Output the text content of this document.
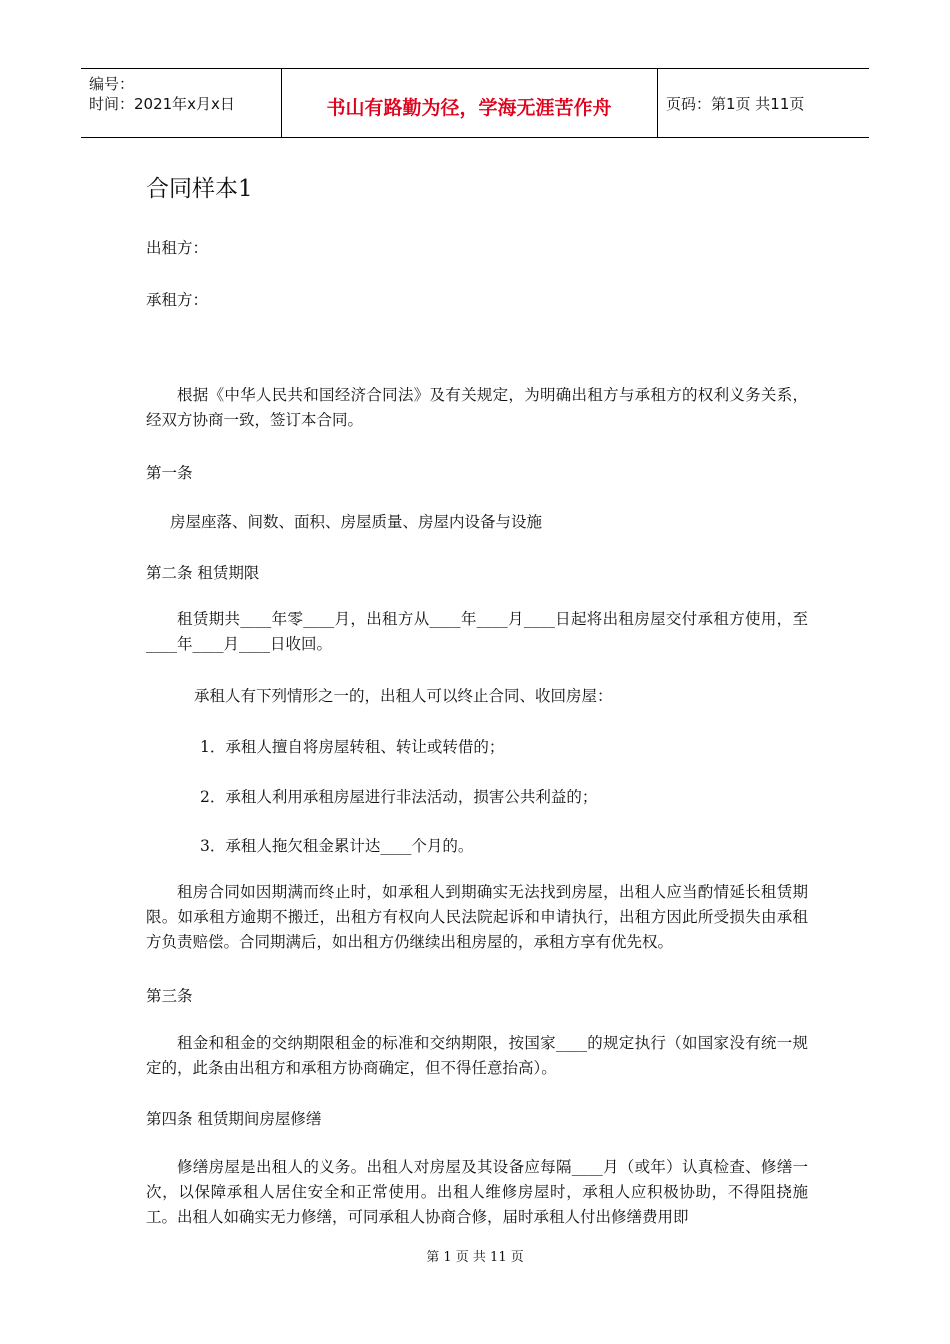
编号：
时间：2021年x月x日	书山有路勤为径，学海无涯苦作舟	页码：第1页 共11页
合同样本1
出租方：
承租方：
根据《中华人民共和国经济合同法》及有关规定，为明确出租方与承租方的权利义务关系，经双方协商一致，签订本合同。
第一条
房屋座落、间数、面积、房屋质量、房屋内设备与设施
第二条 租赁期限
租赁期共____年零____月，出租方从____年____月____日起将出租房屋交付承租方使用，至____年____月____日收回。
承租人有下列情形之一的，出租人可以终止合同、收回房屋：
1．承租人擅自将房屋转租、转让或转借的；
2．承租人利用承租房屋进行非法活动，损害公共利益的；
3．承租人拖欠租金累计达____个月的。
租房合同如因期满而终止时，如承租人到期确实无法找到房屋，出租人应当酌情延长租赁期限。如承租方逾期不搬迁，出租方有权向人民法院起诉和申请执行，出租方因此所受损失由承租方负责赔偿。合同期满后，如出租方仍继续出租房屋的，承租方享有优先权。
第三条
租金和租金的交纳期限租金的标准和交纳期限，按国家____的规定执行（如国家没有统一规定的，此条由出租方和承租方协商确定，但不得任意抬高）。
第四条 租赁期间房屋修缮
修缮房屋是出租人的义务。出租人对房屋及其设备应每隔____月（或年）认真检查、修缮一次，以保障承租人居住安全和正常使用。出租人维修房屋时，承租人应积极协助，不得阻挠施工。出租人如确实无力修缮，可同承租人协商合修，届时承租人付出修缮费用即
第 1 页 共 11 页
